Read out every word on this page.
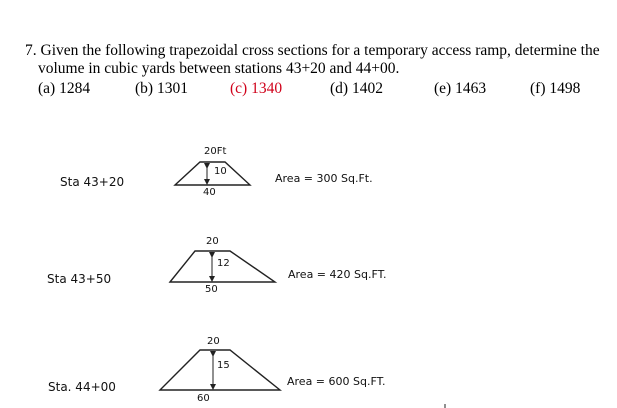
7. Given the following trapezoidal cross sections for a temporary access ramp, determine the
volume in cubic yards between stations 43+20 and 44+00.
(a) 1284	(b) 1301	(c) 1340	(d) 1402	(e) 1463	(f) 1498
Sta 43+20
20Ft
10
40
Area = 300 Sq.Ft.
Sta 43+50
20
12
50
Area = 420 Sq.FT.
Sta. 44+00
20
15
60
Area = 600 Sq.FT.
